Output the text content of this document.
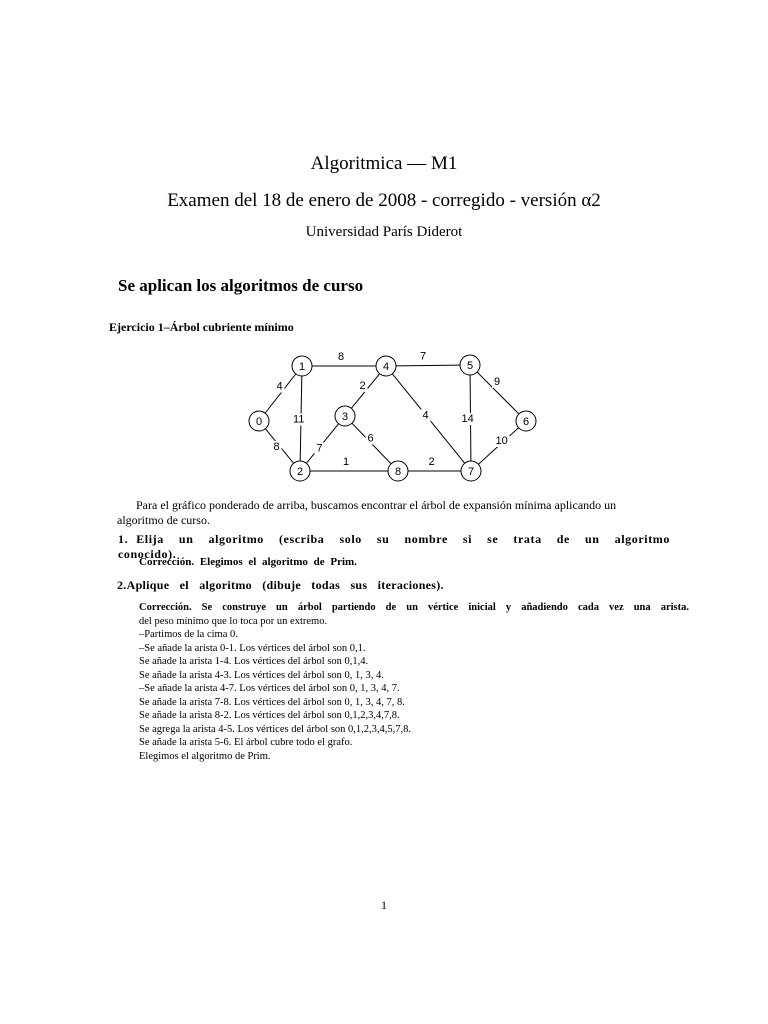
Algoritmica — M1
Examen del 18 de enero de 2008 - corregido - versión α2
Universidad París Diderot
Se aplican los algoritmos de curso
Ejercicio 1–Árbol cubriente mínimo
4
8
8
11
2
7
6
7
4
1	2
14
9
10
0
1
2
3
4	5
6
7
8
Para el gráfico ponderado de arriba, buscamos encontrar el árbol de expansión mínima aplicando un algoritmo de curso.
1. Elija un algoritmo (escriba solo su nombre si se trata de un algoritmo conocido).
Corrección. Elegimos el algoritmo de Prim.
2.Aplique el algoritmo (dibuje todas sus iteraciones).
Corrección. Se construye un árbol partiendo de un vértice inicial y añadiendo cada vez una arista.
del peso mínimo que lo toca por un extremo.
–Partimos de la cima 0.
–Se añade la arista 0-1. Los vértices del árbol son 0,1.
Se añade la arista 1-4. Los vértices del árbol son 0,1,4.
Se añade la arista 4-3. Los vértices del árbol son 0, 1, 3, 4.
–Se añade la arista 4-7. Los vértices del árbol son 0, 1, 3, 4, 7.
Se añade la arista 7-8. Los vértices del árbol son 0, 1, 3, 4, 7, 8.
Se añade la arista 8-2. Los vértices del árbol son 0,1,2,3,4,7,8.
Se agrega la arista 4-5. Los vértices del árbol son 0,1,2,3,4,5,7,8.
Se añade la arista 5-6. El árbol cubre todo el grafo.
Elegimos el algoritmo de Prim.
1
